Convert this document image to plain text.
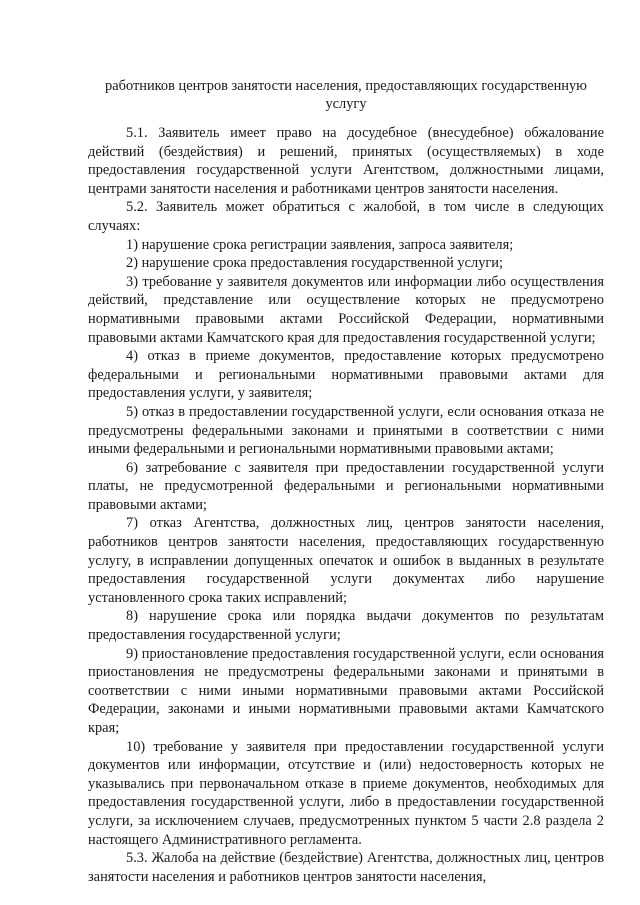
работников центров занятости населения, предоставляющих государственную услугу

5.1. Заявитель имеет право на досудебное (внесудебное) обжалование действий (бездействия) и решений, принятых (осуществляемых) в ходе предоставления государственной услуги Агентством, должностными лицами, центрами занятости населения и работниками центров занятости населения.

5.2. Заявитель может обратиться с жалобой, в том числе в следующих случаях:

1) нарушение срока регистрации заявления, запроса заявителя;

2) нарушение срока предоставления государственной услуги;

3) требование у заявителя документов или информации либо осуществления действий, представление или осуществление которых не предусмотрено нормативными правовыми актами Российской Федерации, нормативными правовыми актами Камчатского края для предоставления государственной услуги;

4) отказ в приеме документов, предоставление которых предусмотрено федеральными и региональными нормативными правовыми актами для предоставления услуги, у заявителя;

5) отказ в предоставлении государственной услуги, если основания отказа не предусмотрены федеральными законами и принятыми в соответствии с ними иными федеральными и региональными нормативными правовыми актами;

6) затребование с заявителя при предоставлении государственной услуги платы, не предусмотренной федеральными и региональными нормативными правовыми актами;

7) отказ Агентства, должностных лиц, центров занятости населения, работников центров занятости населения, предоставляющих государственную услугу, в исправлении допущенных опечаток и ошибок в выданных в результате предоставления государственной услуги документах либо нарушение установленного срока таких исправлений;

8) нарушение срока или порядка выдачи документов по результатам предоставления государственной услуги;

9) приостановление предоставления государственной услуги, если основания приостановления не предусмотрены федеральными законами и принятыми в соответствии с ними иными нормативными правовыми актами Российской Федерации, законами и иными нормативными правовыми актами Камчатского края;

10) требование у заявителя при предоставлении государственной услуги документов или информации, отсутствие и (или) недостоверность которых не указывались при первоначальном отказе в приеме документов, необходимых для предоставления государственной услуги, либо в предоставлении государственной услуги, за исключением случаев, предусмотренных пунктом 5 части 2.8 раздела 2 настоящего Административного регламента.

5.3. Жалоба на действие (бездействие) Агентства, должностных лиц, центров занятости населения и работников центров занятости населения,
